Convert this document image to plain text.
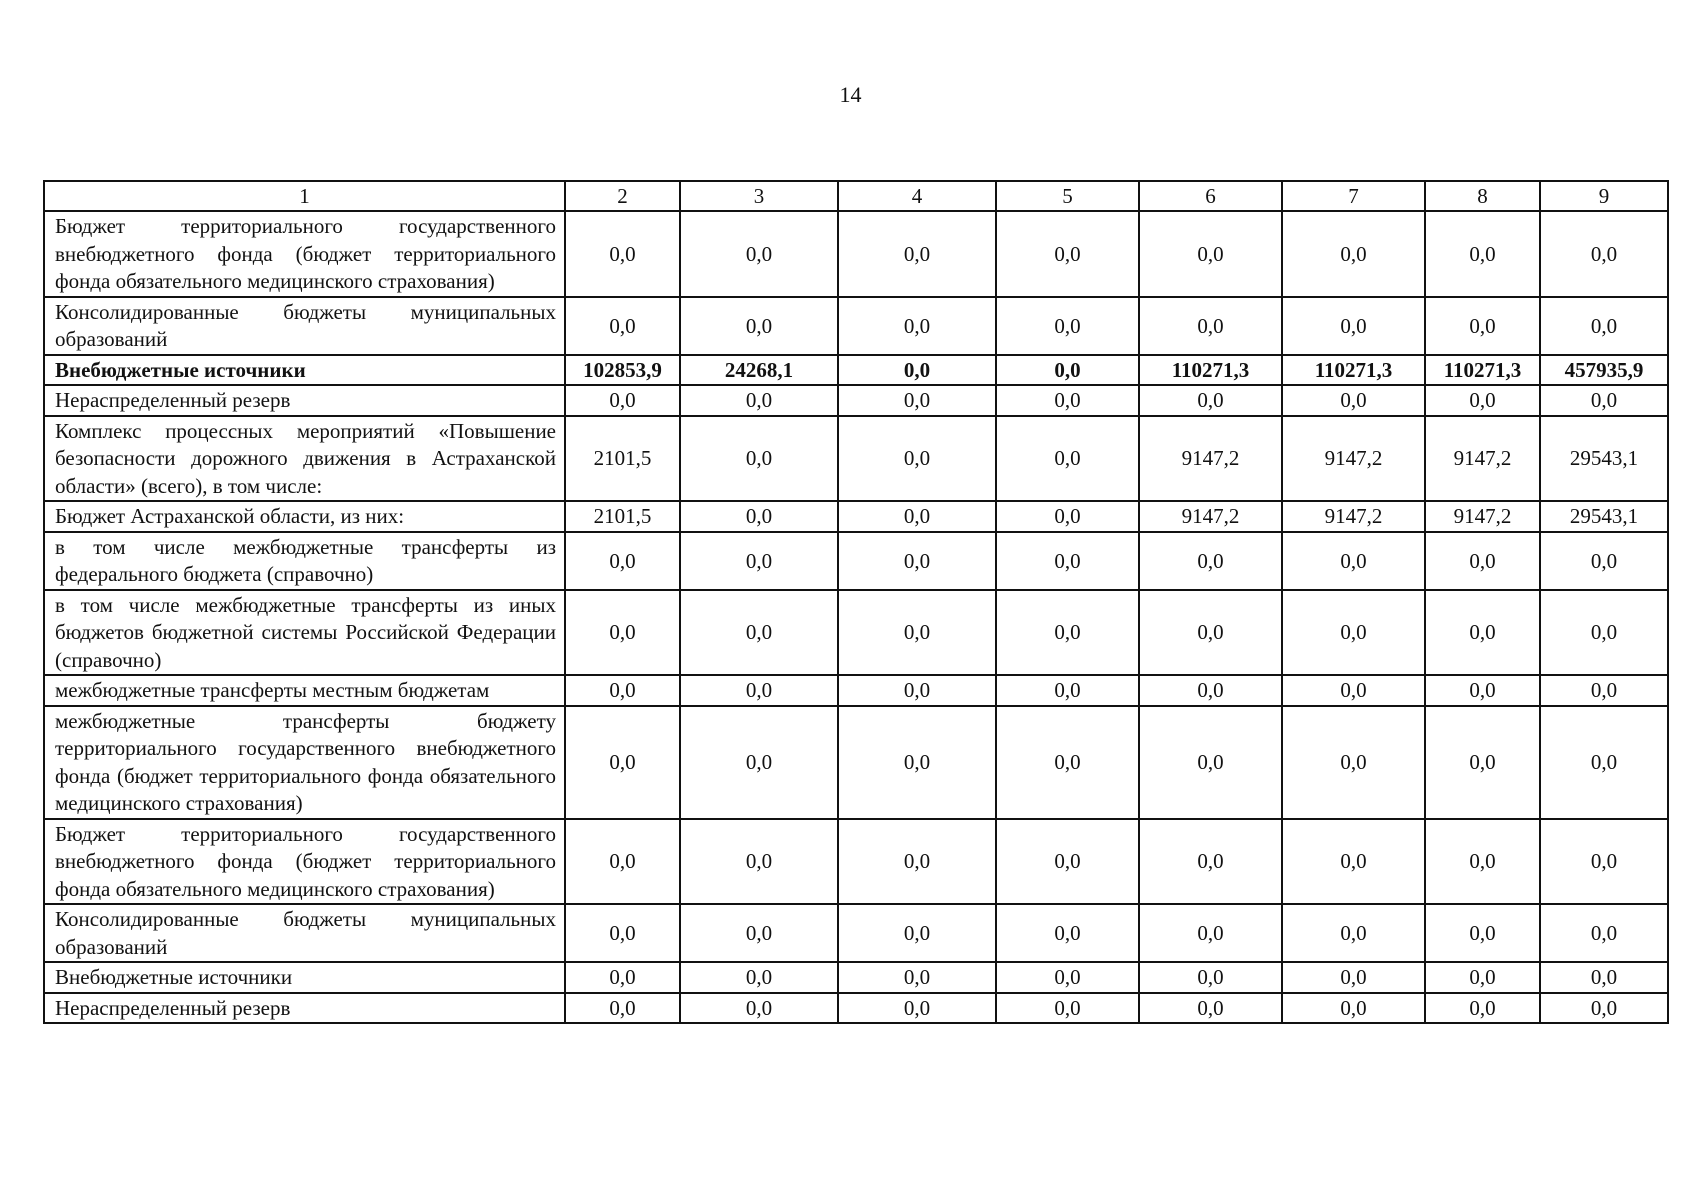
14
1	2	3	4	5	6	7	8	9
Бюджет территориального государственного внебюджетного фонда (бюджет территориального фонда обязательного медицинского страхования)	0,0	0,0	0,0	0,0	0,0	0,0	0,0	0,0
Консолидированные бюджеты муниципальных образований	0,0	0,0	0,0	0,0	0,0	0,0	0,0	0,0
Внебюджетные источники	102853,9	24268,1	0,0	0,0	110271,3	110271,3	110271,3	457935,9
Нераспределенный резерв	0,0	0,0	0,0	0,0	0,0	0,0	0,0	0,0
Комплекс процессных мероприятий «Повышение безопасности дорожного движения в Астраханской области» (всего), в том числе:	2101,5	0,0	0,0	0,0	9147,2	9147,2	9147,2	29543,1
Бюджет Астраханской области, из них:	2101,5	0,0	0,0	0,0	9147,2	9147,2	9147,2	29543,1
в том числе межбюджетные трансферты из федерального бюджета (справочно)	0,0	0,0	0,0	0,0	0,0	0,0	0,0	0,0
в том числе межбюджетные трансферты из иных бюджетов бюджетной системы Российской Федерации (справочно)	0,0	0,0	0,0	0,0	0,0	0,0	0,0	0,0
межбюджетные трансферты местным бюджетам	0,0	0,0	0,0	0,0	0,0	0,0	0,0	0,0
межбюджетные трансферты бюджету территориального государственного внебюджетного фонда (бюджет территориального фонда обязательного медицинского страхования)	0,0	0,0	0,0	0,0	0,0	0,0	0,0	0,0
Бюджет территориального государственного внебюджетного фонда (бюджет территориального фонда обязательного медицинского страхования)	0,0	0,0	0,0	0,0	0,0	0,0	0,0	0,0
Консолидированные бюджеты муниципальных образований	0,0	0,0	0,0	0,0	0,0	0,0	0,0	0,0
Внебюджетные источники	0,0	0,0	0,0	0,0	0,0	0,0	0,0	0,0
Нераспределенный резерв	0,0	0,0	0,0	0,0	0,0	0,0	0,0	0,0
